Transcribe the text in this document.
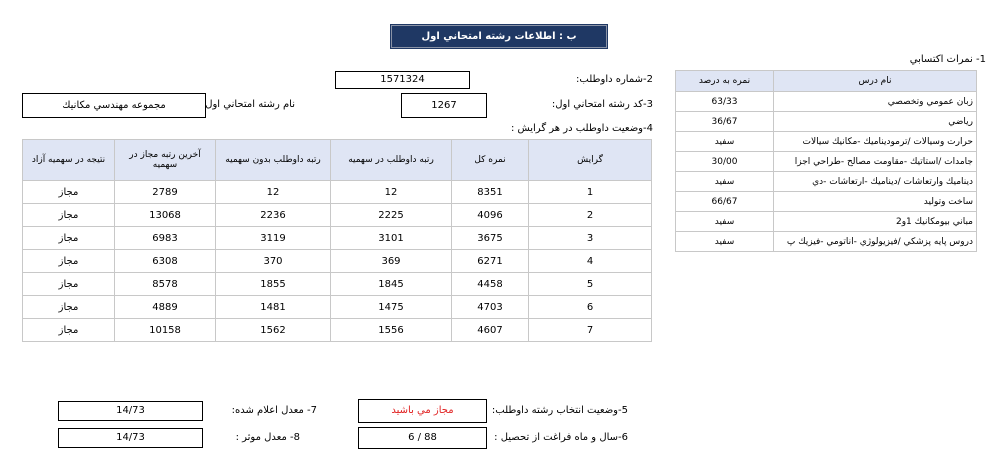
ب : اطلاعات رشته امتحاني اول
1571324	2-شماره داوطلب:
مجموعه مهندسي مكانيك	نام رشته امتحاني اول	1267	3-كد رشته امتحاني اول:
4-وضعيت داوطلب در هر گرايش :
گرايش	نمره كل	رتبه داوطلب در سهميه	رتبه داوطلب بدون سهميه	آخرين رتبه مجاز در سهميه	نتيجه در سهميه آزاد
1	8351	12	12	2789	مجاز
2	4096	2225	2236	13068	مجاز
3	3675	3101	3119	6983	مجاز
4	6271	369	370	6308	مجاز
5	4458	1845	1855	8578	مجاز
6	4703	1475	1481	4889	مجاز
7	4607	1556	1562	10158	مجاز
1- نمرات اكتسابي
نام درس	نمره به درصد
زبان عمومي وتخصصي	63/33
رياضي	36/67
حرارت وسيالات /ترموديناميك -مكانيك سيالات	سفيد
جامدات /استاتيك -مقاومت مصالح -طراحي اجزا	30/00
ديناميك وارتعاشات /ديناميك -ارتعاشات -دي	سفيد
ساخت وتوليد	66/67
مباني بيومكانيك 1و2	سفيد
دروس پايه پزشكي /فيزيولوژي -اناتومي -فيزيك پ	سفيد
مجاز مي باشيد	5-وضعيت انتخاب رشته داوطلب:
6 / 88	6-سال و ماه فراغت از تحصيل :
14/73	7- معدل اعلام شده:
14/73	8- معدل موثر :
